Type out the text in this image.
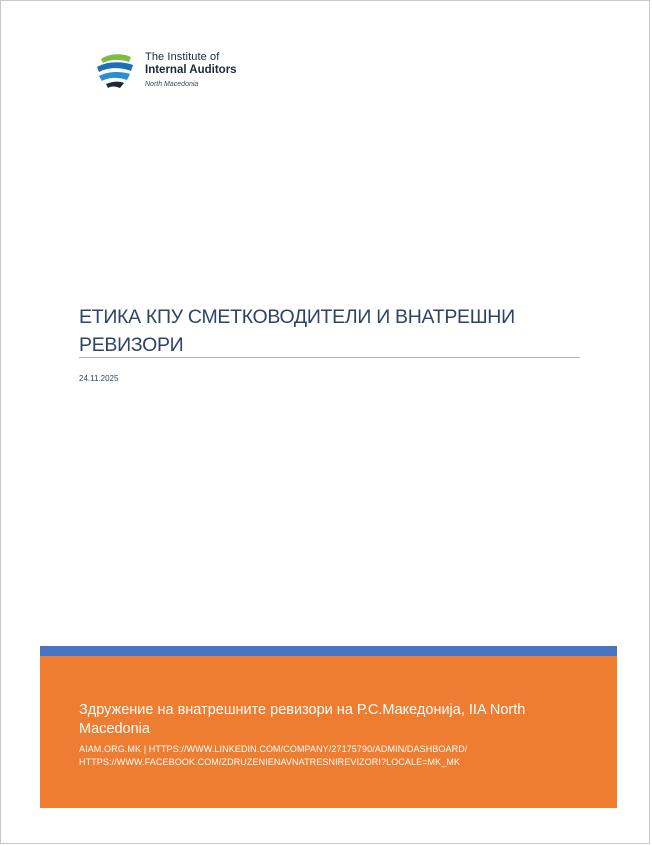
The Institute of
Internal Auditors
North Macedonia
ЕТИКА КПУ СМЕТКОВОДИТЕЛИ И ВНАТРЕШНИ РЕВИЗОРИ
24.11.2025
Здружение на внатрешните ревизори на Р.С.Македонија, IIA North Macedonia
AIAM.ORG.MK | HTTPS://WWW.LINKEDIN.COM/COMPANY/27175790/ADMIN/DASHBOARD/ HTTPS://WWW.FACEBOOK.COM/ZDRUZENIENAVNATRESNIREVIZORI?LOCALE=MK_MK
